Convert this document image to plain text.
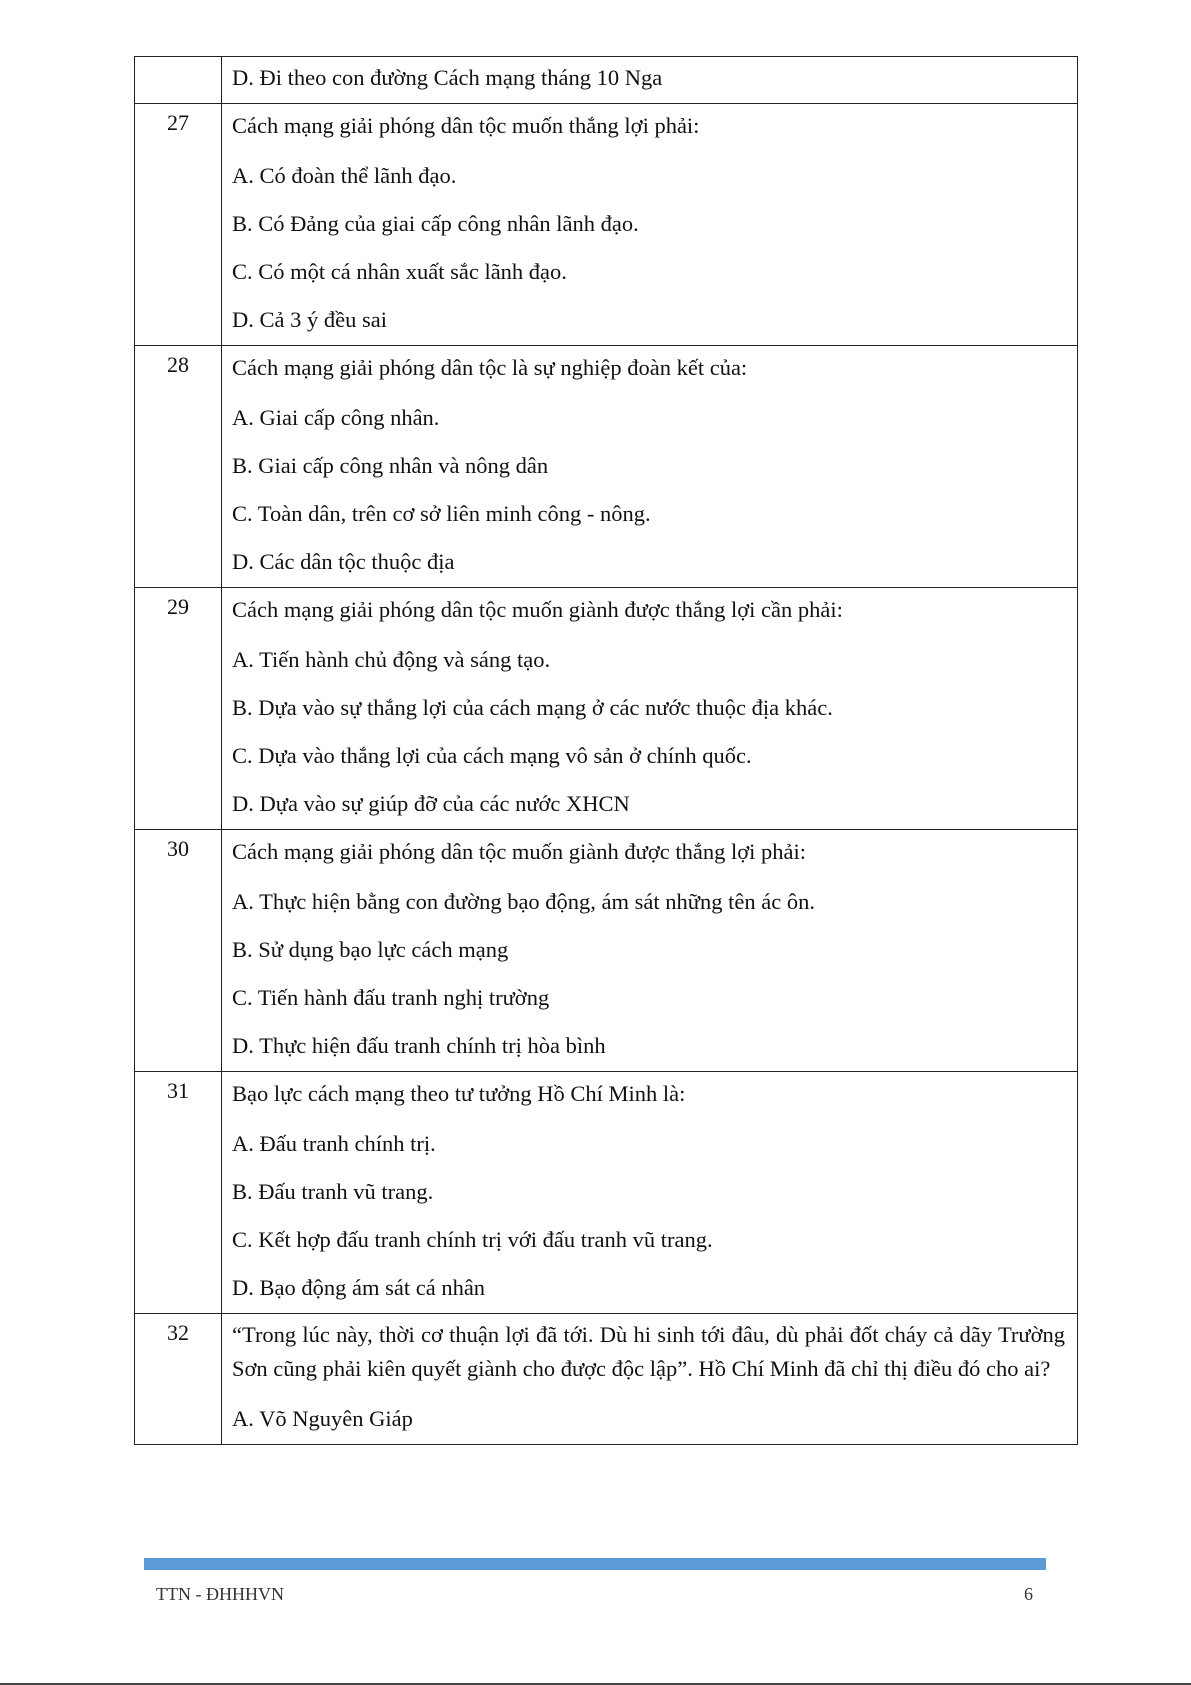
	D. Đi theo con đường Cách mạng tháng 10 Nga

27	Cách mạng giải phóng dân tộc muốn thắng lợi phải:

A. Có đoàn thể lãnh đạo.

B. Có Đảng của giai cấp công nhân lãnh đạo.

C. Có một cá nhân xuất sắc lãnh đạo.

D. Cả 3 ý đều sai

28	Cách mạng giải phóng dân tộc là sự nghiệp đoàn kết của:

A. Giai cấp công nhân.

B. Giai cấp công nhân và nông dân

C. Toàn dân, trên cơ sở liên minh công - nông.

D. Các dân tộc thuộc địa

29	Cách mạng giải phóng dân tộc muốn giành được thắng lợi cần phải:

A. Tiến hành chủ động và sáng tạo.

B. Dựa vào sự thắng lợi của cách mạng ở các nước thuộc địa khác.

C. Dựa vào thắng lợi của cách mạng vô sản ở chính quốc.

D. Dựa vào sự giúp đỡ của các nước XHCN

30	Cách mạng giải phóng dân tộc muốn giành được thắng lợi phải:

A. Thực hiện bằng con đường bạo động, ám sát những tên ác ôn.

B. Sử dụng bạo lực cách mạng

C. Tiến hành đấu tranh nghị trường

D. Thực hiện đấu tranh chính trị hòa bình

31	Bạo lực cách mạng theo tư tưởng Hồ Chí Minh là:

A. Đấu tranh chính trị.

B. Đấu tranh vũ trang.

C. Kết hợp đấu tranh chính trị với đấu tranh vũ trang.

D. Bạo động ám sát cá nhân

32	“Trong lúc này, thời cơ thuận lợi đã tới. Dù hi sinh tới đâu, dù phải đốt cháy cả dãy Trường Sơn cũng phải kiên quyết giành cho được độc lập”. Hồ Chí Minh đã chỉ thị điều đó cho ai?

A. Võ Nguyên Giáp

TTN - ĐHHHVN	6
